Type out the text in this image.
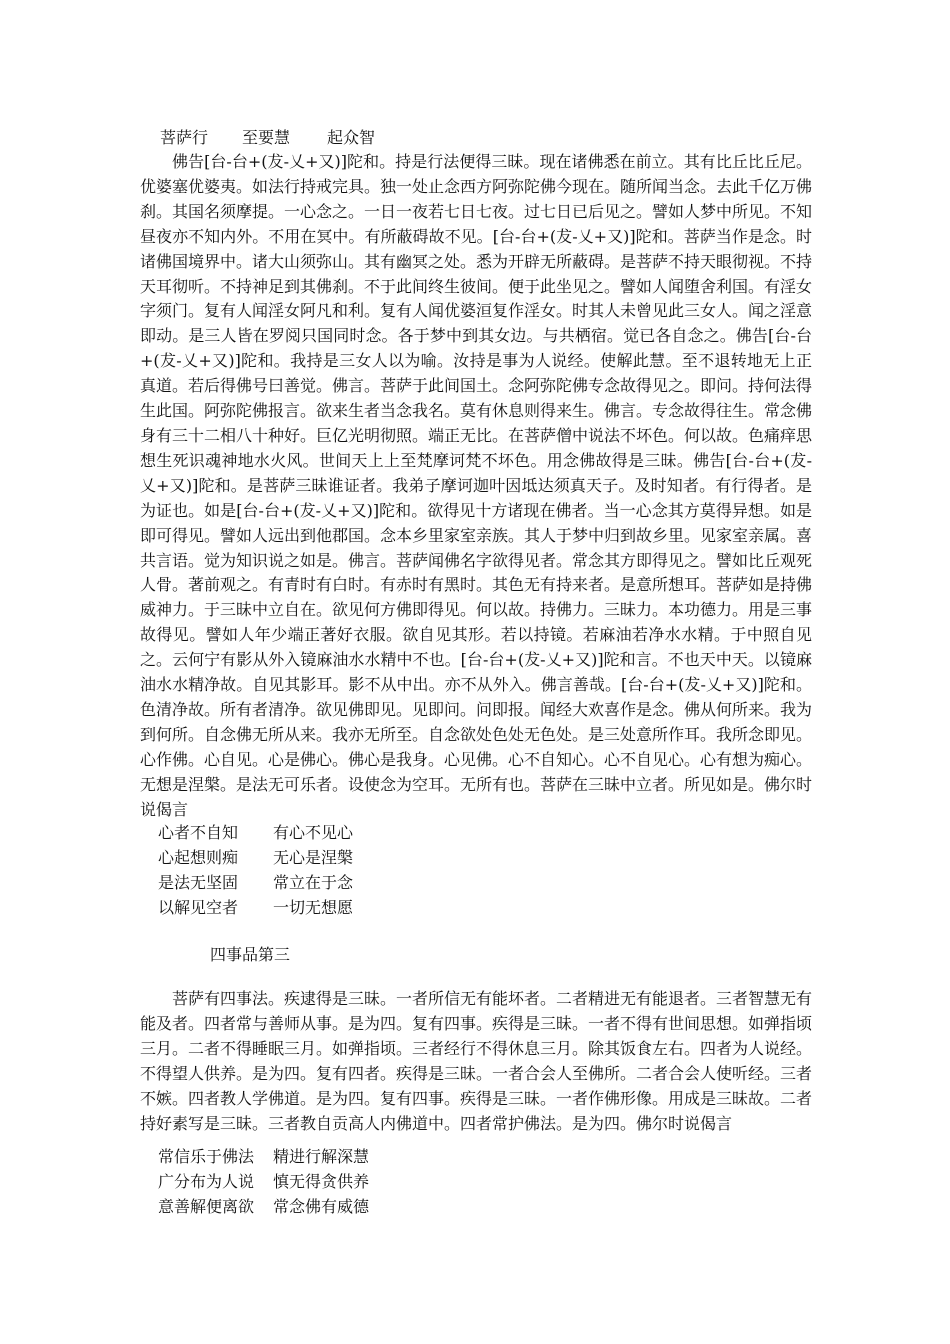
菩萨行 至要慧 起众智

佛告[台-台+(犮-乂+又)]陀和。持是行法便得三昧。现在诸佛悉在前立。其有比丘比丘尼。优婆塞优婆夷。如法行持戒完具。独一处止念西方阿弥陀佛今现在。随所闻当念。去此千亿万佛刹。其国名须摩提。一心念之。一日一夜若七日七夜。过七日已后见之。譬如人梦中所见。不知昼夜亦不知内外。不用在冥中。有所蔽碍故不见。[台-台+(犮-乂+又)]陀和。菩萨当作是念。时诸佛国境界中。诸大山须弥山。其有幽冥之处。悉为开辟无所蔽碍。是菩萨不持天眼彻视。不持天耳彻听。不持神足到其佛刹。不于此间终生彼间。便于此坐见之。譬如人闻堕舍利国。有淫女字须门。复有人闻淫女阿凡和利。复有人闻优婆洹复作淫女。时其人未曾见此三女人。闻之淫意即动。是三人皆在罗阅只国同时念。各于梦中到其女边。与共栖宿。觉已各自念之。佛告[台-台+(犮-乂+又)]陀和。我持是三女人以为喻。汝持是事为人说经。使解此慧。至不退转地无上正真道。若后得佛号曰善觉。佛言。菩萨于此间国土。念阿弥陀佛专念故得见之。即问。持何法得生此国。阿弥陀佛报言。欲来生者当念我名。莫有休息则得来生。佛言。专念故得往生。常念佛身有三十二相八十种好。巨亿光明彻照。端正无比。在菩萨僧中说法不坏色。何以故。色痛痒思想生死识魂神地水火风。世间天上上至梵摩诃梵不坏色。用念佛故得是三昧。佛告[台-台+(犮-乂+又)]陀和。是菩萨三昧谁证者。我弟子摩诃迦叶因坻达须真天子。及时知者。有行得者。是为证也。如是[台-台+(犮-乂+又)]陀和。欲得见十方诸现在佛者。当一心念其方莫得异想。如是即可得见。譬如人远出到他郡国。念本乡里家室亲族。其人于梦中归到故乡里。见家室亲属。喜共言语。觉为知识说之如是。佛言。菩萨闻佛名字欲得见者。常念其方即得见之。譬如比丘观死人骨。著前观之。有青时有白时。有赤时有黑时。其色无有持来者。是意所想耳。菩萨如是持佛威神力。于三昧中立自在。欲见何方佛即得见。何以故。持佛力。三昧力。本功德力。用是三事故得见。譬如人年少端正著好衣服。欲自见其形。若以持镜。若麻油若净水水精。于中照自见之。云何宁有影从外入镜麻油水水精中不也。[台-台+(犮-乂+又)]陀和言。不也天中天。以镜麻油水水精净故。自见其影耳。影不从中出。亦不从外入。佛言善哉。[台-台+(犮-乂+又)]陀和。色清净故。所有者清净。欲见佛即见。见即问。问即报。闻经大欢喜作是念。佛从何所来。我为到何所。自念佛无所从来。我亦无所至。自念欲处色处无色处。是三处意所作耳。我所念即见。心作佛。心自见。心是佛心。佛心是我身。心见佛。心不自知心。心不自见心。心有想为痴心。无想是涅槃。是法无可乐者。设使念为空耳。无所有也。菩萨在三昧中立者。所见如是。佛尔时说偈言

心者不自知 有心不见心
心起想则痴 无心是涅槃
是法无坚固 常立在于念
以解见空者 一切无想愿
四事品第三

菩萨有四事法。疾逮得是三昧。一者所信无有能坏者。二者精进无有能退者。三者智慧无有能及者。四者常与善师从事。是为四。复有四事。疾得是三昧。一者不得有世间思想。如弹指顷三月。二者不得睡眠三月。如弹指顷。三者经行不得休息三月。除其饭食左右。四者为人说经。不得望人供养。是为四。复有四者。疾得是三昧。一者合会人至佛所。二者合会人使听经。三者不嫉。四者教人学佛道。是为四。复有四事。疾得是三昧。一者作佛形像。用成是三昧故。二者持好素写是三昧。三者教自贡高人内佛道中。四者常护佛法。是为四。佛尔时说偈言

常信乐于佛法 精进行解深慧
广分布为人说 慎无得贪供养
意善解便离欲 常念佛有威德
